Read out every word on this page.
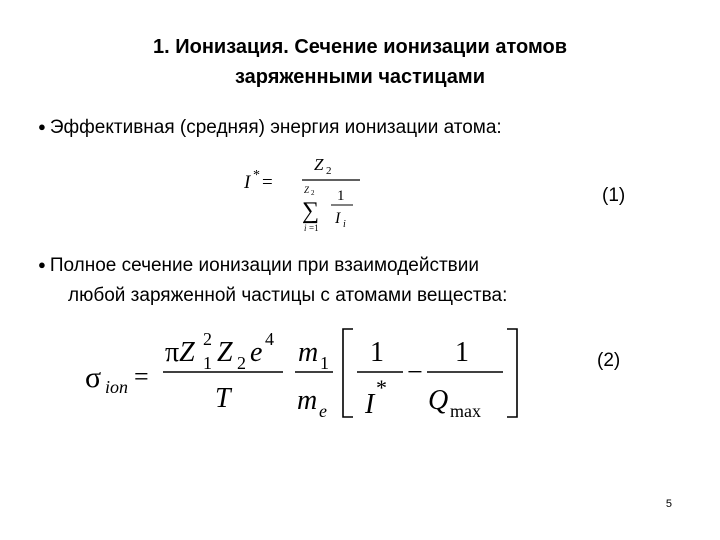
1. Ионизация. Сечение ионизации атомов
заряженными частицами
● Эффективная (средняя) энергия ионизации атома:
I * =
Z 2
Z 2
∑
i =1
1
I i
(1)
● Полное сечение ионизации при взаимодействии
любой заряженной частицы с атомами вещества:
σ ion =
πZ 2
1 Z 2 e 4
T
m 1
m e
1
I
* −
1
Q max
(2)
5
